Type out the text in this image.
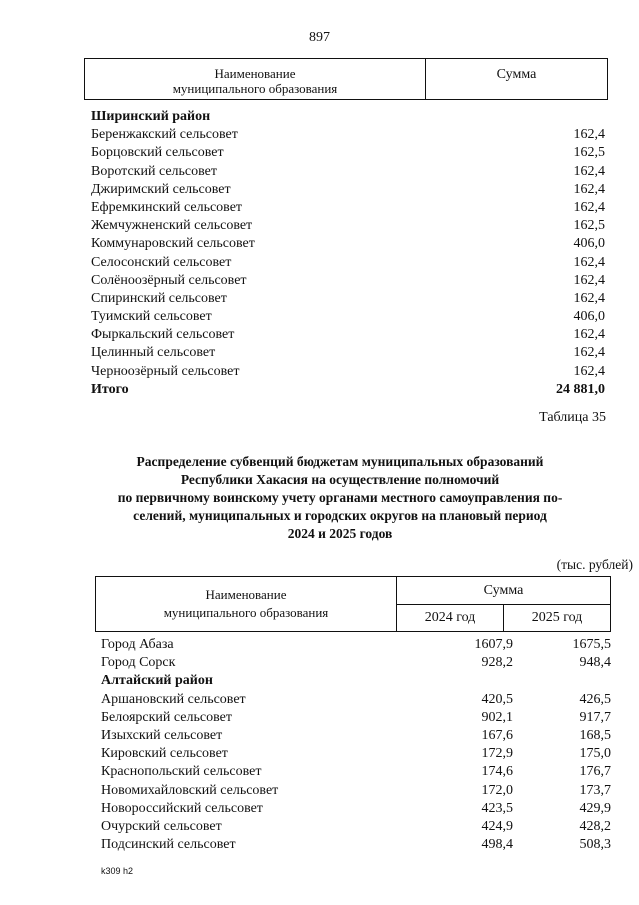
897
Наименование
муниципального образования
Сумма
Ширинский район
Беренжакский сельсовет	162,4
Борцовский сельсовет	162,5
Воротский сельсовет	162,4
Джиримский сельсовет	162,4
Ефремкинский сельсовет	162,4
Жемчужненский сельсовет	162,5
Коммунаровский сельсовет	406,0
Селосонский сельсовет	162,4
Солёноозёрный сельсовет	162,4
Спиринский сельсовет	162,4
Туимский сельсовет	406,0
Фыркальский сельсовет	162,4
Целинный сельсовет	162,4
Черноозёрный сельсовет	162,4
Итого	24 881,0
Таблица 35
Распределение субвенций бюджетам муниципальных образований
Республики Хакасия на осуществление полномочий
по первичному воинскому учету органами местного самоуправления по-
селений, муниципальных и городских округов на плановый период
2024 и 2025 годов
(тыс. рублей)
Наименование
муниципального образования
Сумма
2024 год	2025 год
Город Абаза	1607,9	1675,5
Город Сорск	928,2	948,4
Алтайский район
Аршановский сельсовет	420,5	426,5
Белоярский сельсовет	902,1	917,7
Изыхский сельсовет	167,6	168,5
Кировский сельсовет	172,9	175,0
Краснопольский сельсовет	174,6	176,7
Новомихайловский сельсовет	172,0	173,7
Новороссийский сельсовет	423,5	429,9
Очурский сельсовет	424,9	428,2
Подсинский сельсовет	498,4	508,3
k309 h2
